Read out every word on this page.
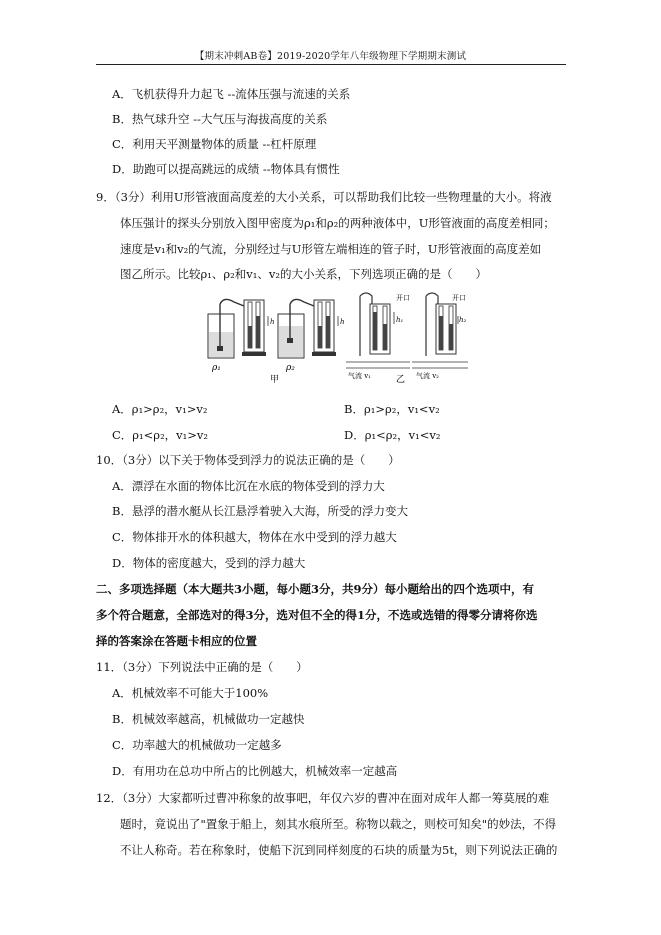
【期末冲刺AB卷】2019-2020学年八年级物理下学期期末测试
A．飞机获得升力起飞 --流体压强与流速的关系
B．热气球升空 --大气压与海拔高度的关系
C．利用天平测量物体的质量 --杠杆原理
D．助跑可以提高跳远的成绩 --物体具有惯性
9．（3分）利用U形管液面高度差的大小关系，可以帮助我们比较一些物理量的大小。将液
体压强计的探头分别放入图甲密度为ρ₁和ρ₂的两种液体中，U形管液面的高度差相同；
速度是v₁和v₂的气流，分别经过与U形管左端相连的管子时，U形管液面的高度差如
图乙所示。比较ρ₁、ρ₂和v₁、v₂的大小关系，下列选项正确的是（　　）
h
ρ₁
h
ρ₂
甲
开口
h₁
气流 v₁
开口
h₂
气流 v₂
乙
A．ρ₁>ρ₂，v₁>v₂	B．ρ₁>ρ₂，v₁<v₂
C．ρ₁<ρ₂，v₁>v₂	D．ρ₁<ρ₂，v₁<v₂
10．（3分）以下关于物体受到浮力的说法正确的是（　　）
A．漂浮在水面的物体比沉在水底的物体受到的浮力大
B．悬浮的潜水艇从长江悬浮着驶入大海，所受的浮力变大
C．物体排开水的体积越大，物体在水中受到的浮力越大
D．物体的密度越大，受到的浮力越大
二、多项选择题（本大题共3小题，每小题3分，共9分）每小题给出的四个选项中，有
多个符合题意，全部选对的得3分，选对但不全的得1分，不选或选错的得零分请将你选
择的答案涂在答题卡相应的位置
11．（3分）下列说法中正确的是（　　）
A．机械效率不可能大于100%
B．机械效率越高，机械做功一定越快
C．功率越大的机械做功一定越多
D．有用功在总功中所占的比例越大，机械效率一定越高
12．（3分）大家都听过曹冲称象的故事吧，年仅六岁的曹冲在面对成年人都一筹莫展的难
题时，竟说出了"置象于船上，刻其水痕所至。称物以载之，则校可知矣"的妙法，不得
不让人称奇。若在称象时，使船下沉到同样刻度的石块的质量为5t，则下列说法正确的
